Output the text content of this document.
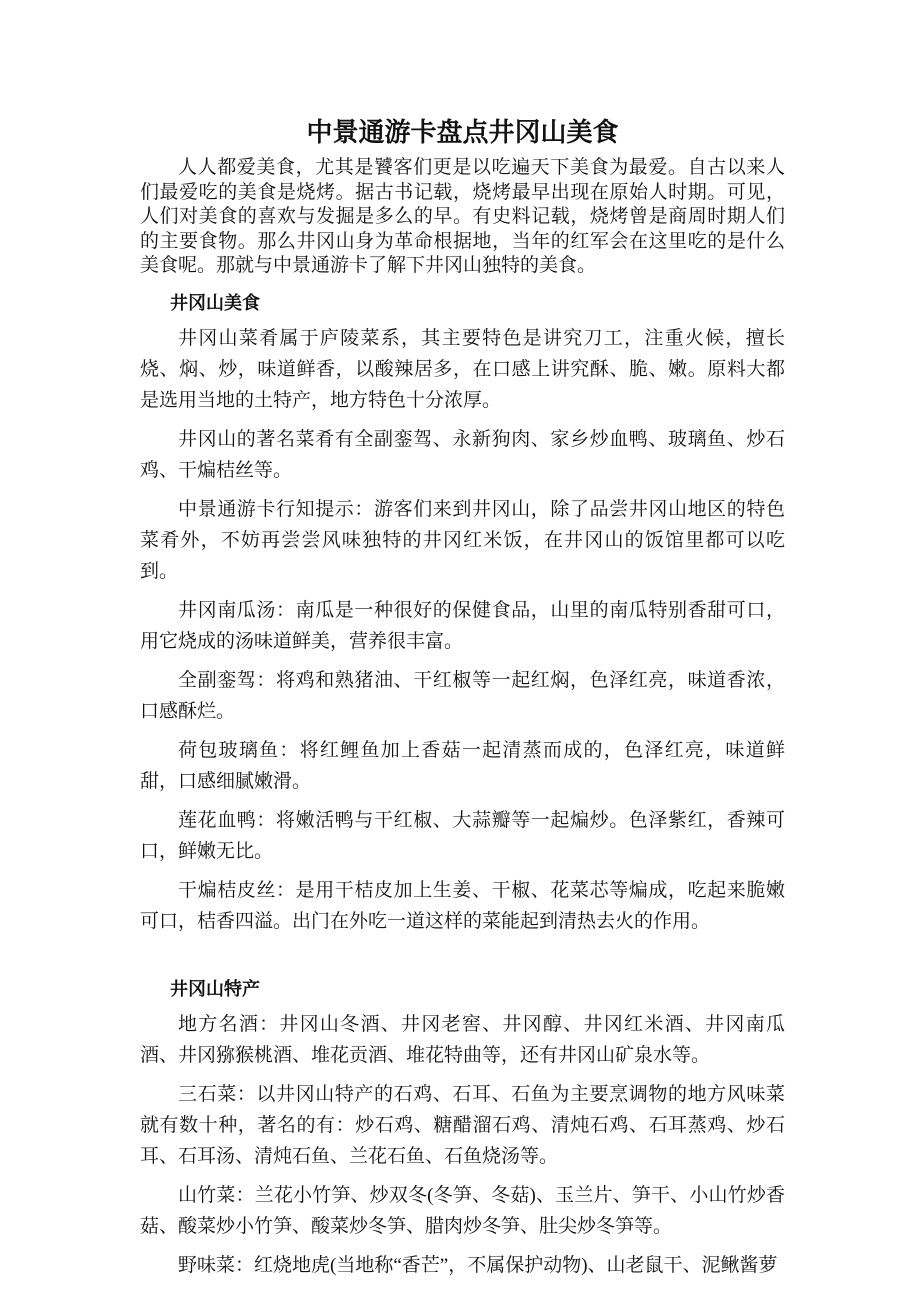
中景通游卡盘点井冈山美食

人人都爱美食，尤其是饕客们更是以吃遍天下美食为最爱。自古以来人们最爱吃的美食是烧烤。据古书记载，烧烤最早出现在原始人时期。可见，人们对美食的喜欢与发掘是多么的早。有史料记载，烧烤曾是商周时期人们的主要食物。那么井冈山身为革命根据地，当年的红军会在这里吃的是什么美食呢。那就与中景通游卡了解下井冈山独特的美食。

井冈山美食

井冈山菜肴属于庐陵菜系，其主要特色是讲究刀工，注重火候，擅长烧、焖、炒，味道鲜香，以酸辣居多，在口感上讲究酥、脆、嫩。原料大都是选用当地的土特产，地方特色十分浓厚。

井冈山的著名菜肴有全副銮驾、永新狗肉、家乡炒血鸭、玻璃鱼、炒石鸡、干煸桔丝等。

中景通游卡行知提示：游客们来到井冈山，除了品尝井冈山地区的特色菜肴外，不妨再尝尝风味独特的井冈红米饭，在井冈山的饭馆里都可以吃到。

井冈南瓜汤：南瓜是一种很好的保健食品，山里的南瓜特别香甜可口，用它烧成的汤味道鲜美，营养很丰富。

全副銮驾：将鸡和熟猪油、干红椒等一起红焖，色泽红亮，味道香浓，口感酥烂。

荷包玻璃鱼：将红鲤鱼加上香菇一起清蒸而成的，色泽红亮，味道鲜甜，口感细腻嫩滑。

莲花血鸭：将嫩活鸭与干红椒、大蒜瓣等一起煸炒。色泽紫红，香辣可口，鲜嫩无比。

干煸桔皮丝：是用干桔皮加上生姜、干椒、花菜芯等煸成，吃起来脆嫩可口，桔香四溢。出门在外吃一道这样的菜能起到清热去火的作用。

井冈山特产

地方名酒：井冈山冬酒、井冈老窖、井冈醇、井冈红米酒、井冈南瓜酒、井冈猕猴桃酒、堆花贡酒、堆花特曲等，还有井冈山矿泉水等。

三石菜：以井冈山特产的石鸡、石耳、石鱼为主要烹调物的地方风味菜就有数十种，著名的有：炒石鸡、糖醋溜石鸡、清炖石鸡、石耳蒸鸡、炒石耳、石耳汤、清炖石鱼、兰花石鱼、石鱼烧汤等。

山竹菜：兰花小竹笋、炒双冬(冬笋、冬菇)、玉兰片、笋干、小山竹炒香菇、酸菜炒小竹笋、酸菜炒冬笋、腊肉炒冬笋、肚尖炒冬笋等。

野味菜：红烧地虎(当地称“香芒”，不属保护动物)、山老鼠干、泥鳅酱萝
